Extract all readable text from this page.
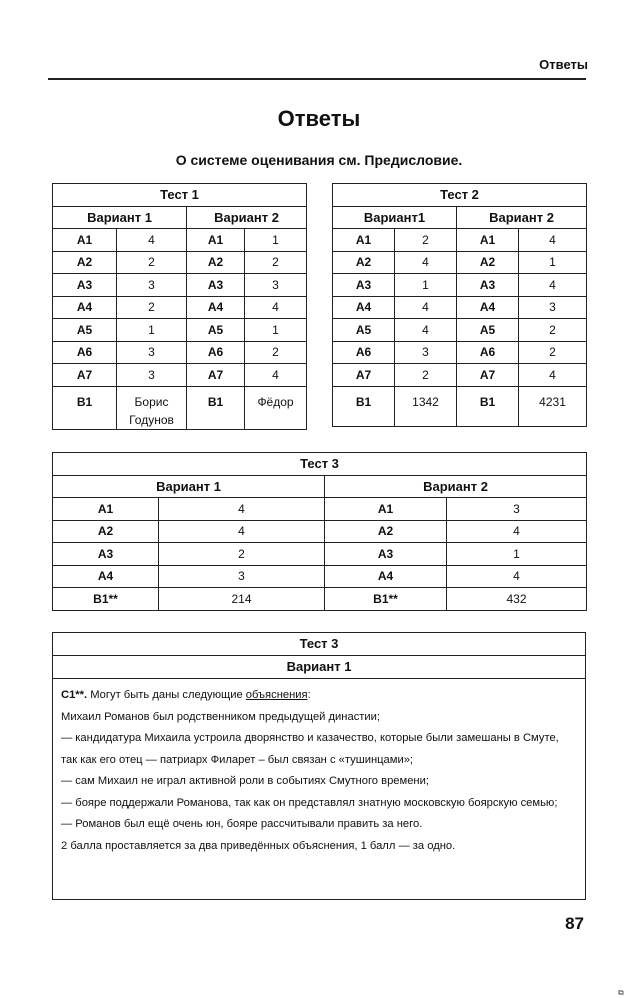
Ответы
Ответы
О системе оценивания см. Предисловие.
Тест 1			
Вариант 1		Вариант 2	
А1	4	А1	1
А2	2	А2	2
А3	3	А3	3
А4	2	А4	4
А5	1	А5	1
А6	3	А6	2
А7	3	А7	4
В1	Борис Годунов	В1	Фёдор
Тест 2			
Вариант1		Вариант 2	
А1	2	А1	4
А2	4	А2	1
А3	1	А3	4
А4	4	А4	3
А5	4	А5	2
А6	3	А6	2
А7	2	А7	4
В1	1342	В1	4231
Тест 3			
Вариант 1		Вариант 2	
А1	4	А1	3
А2	4	А2	4
А3	2	А3	1
А4	3	А4	4
В1**	214	В1**	432
Тест 3
Вариант 1

С1**. Могут быть даны следующие объяснения:

Михаил Романов был родственником предыдущей династии;

— кандидатура Михаила устроила дворянство и казачество, которые были замешаны в Смуте, так как его отец — патриарх Филарет – был связан с «тушинцами»;

— сам Михаил не играл активной роли в событиях Смутного времени;

— бояре поддержали Романова, так как он представлял знатную московскую боярскую семью;

— Романов был ещё очень юн, бояре рассчитывали править за него.

2 балла проставляется за два приведённых объяснения, 1 балл — за одно.

87
⧉
